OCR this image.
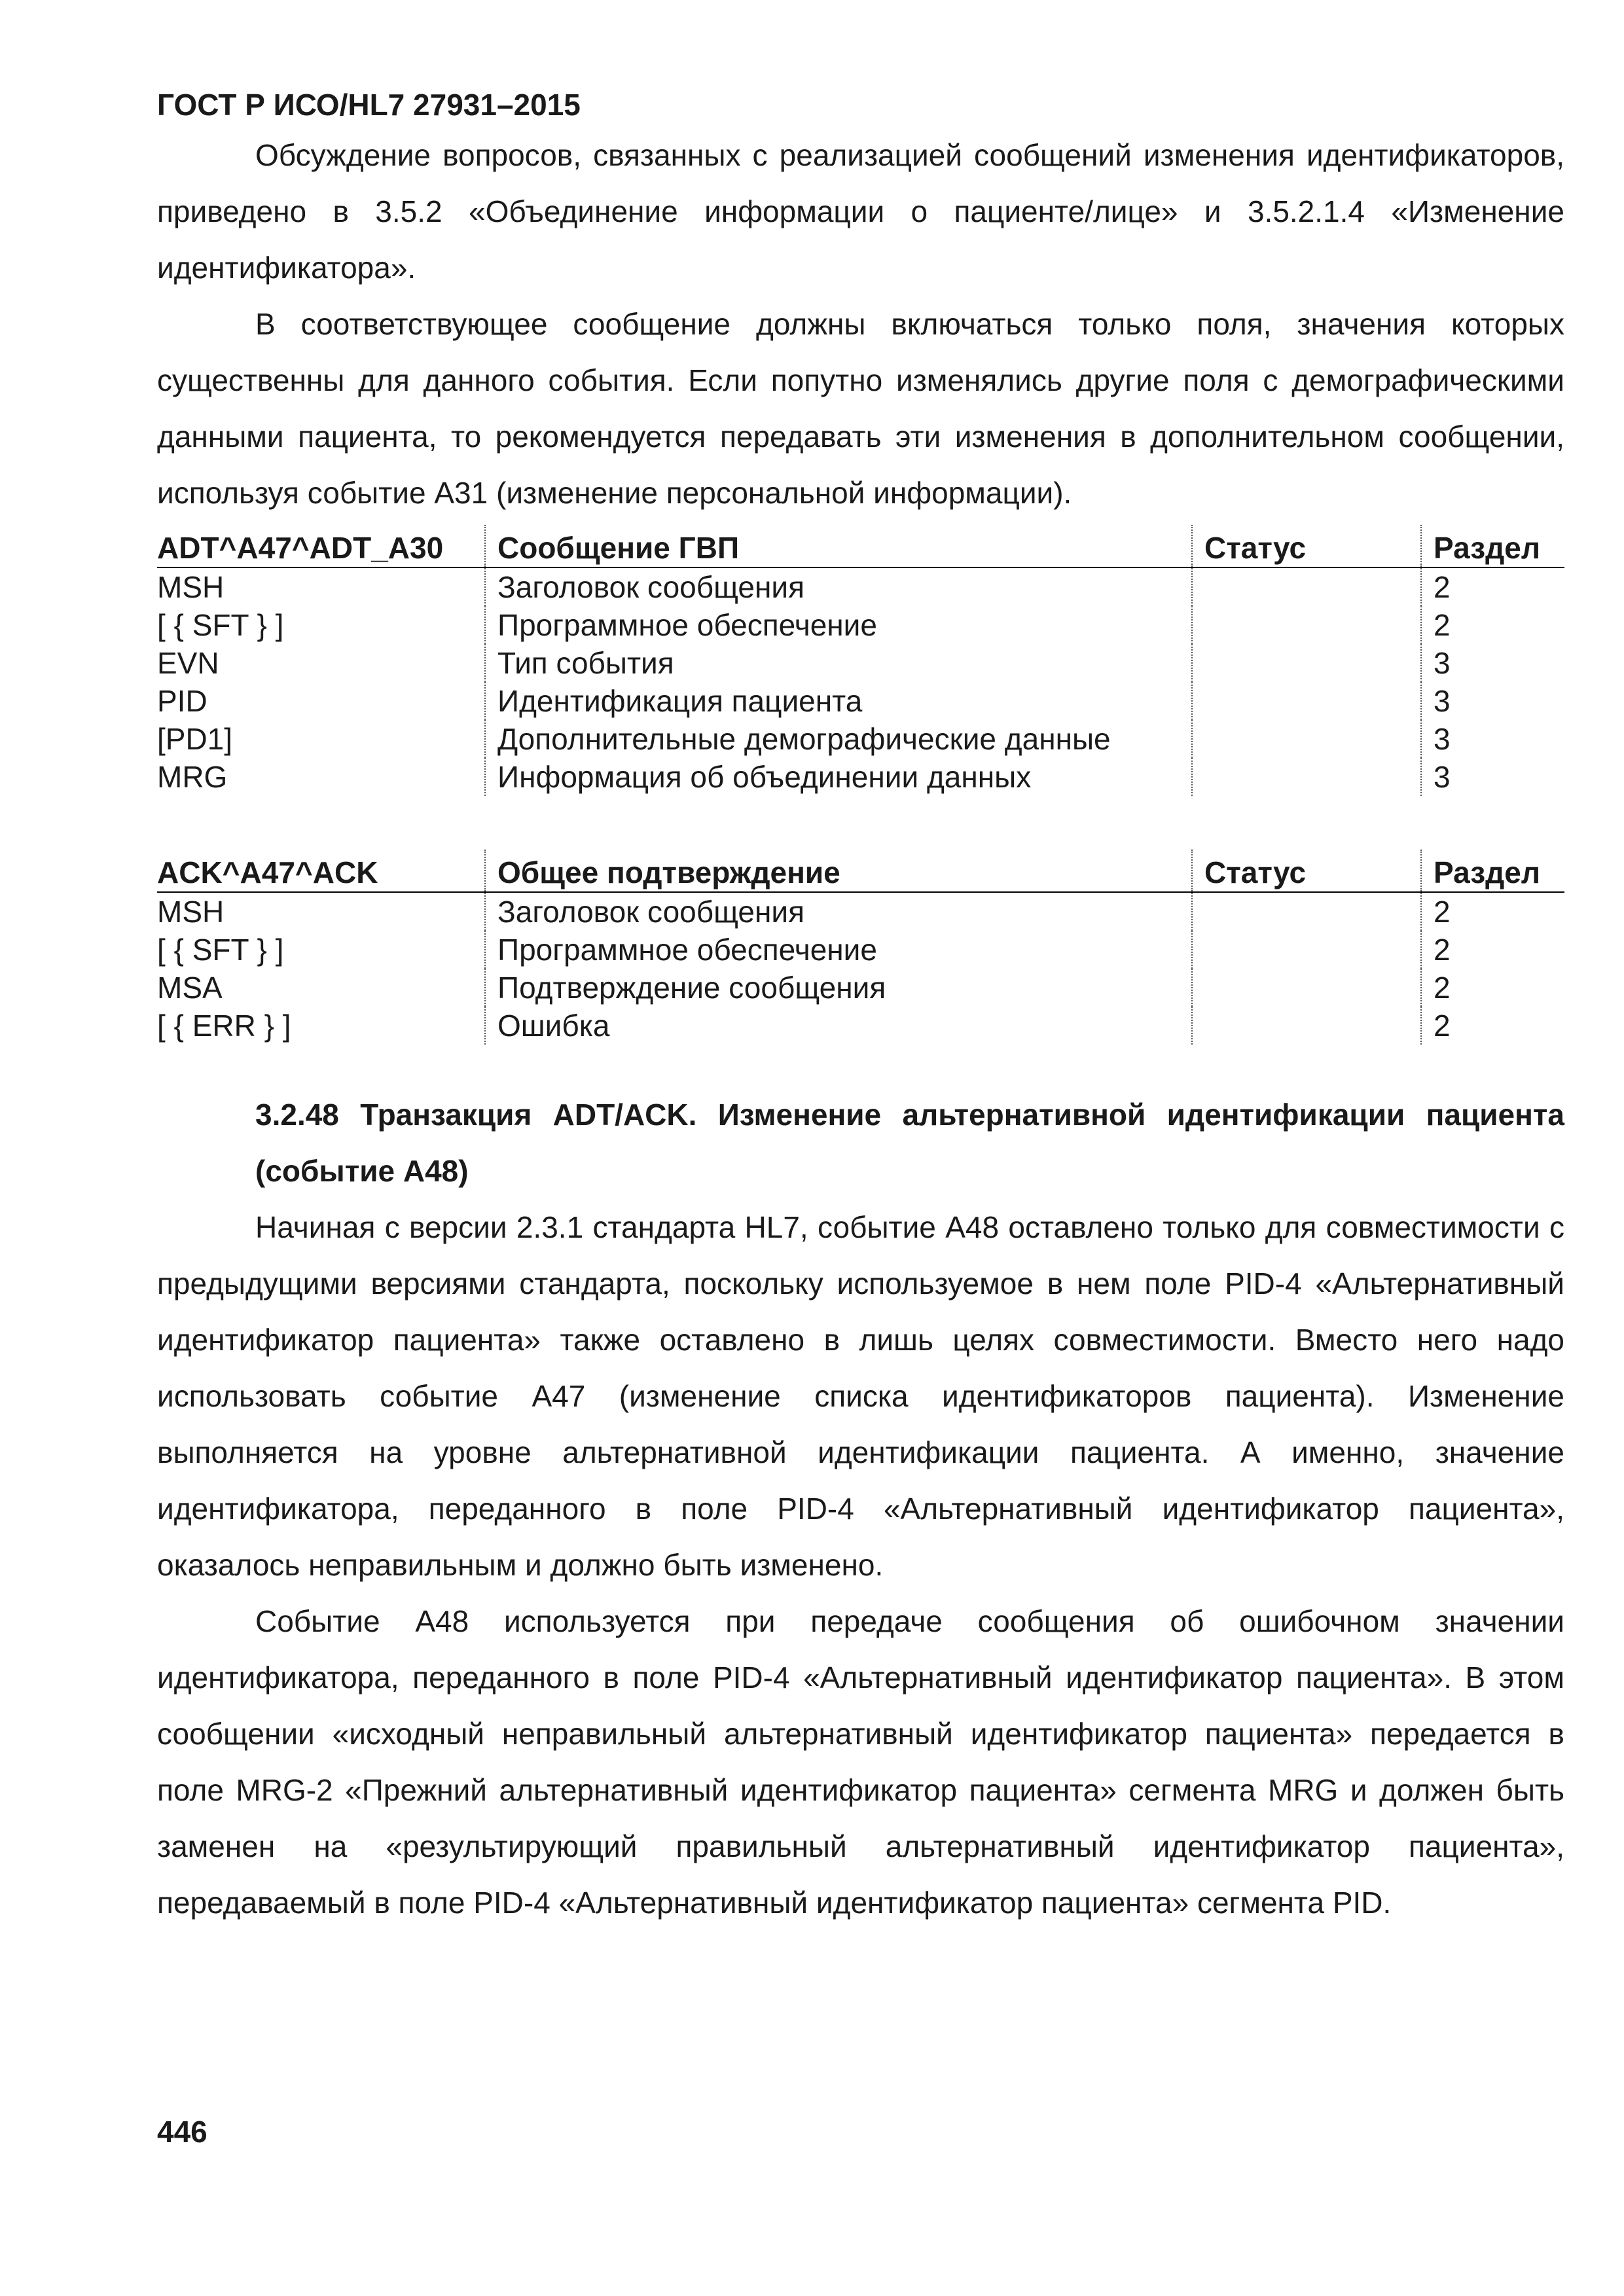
ГОСТ Р ИСО/HL7 27931–2015

Обсуждение вопросов, связанных с реализацией сообщений изменения идентификаторов, приведено в 3.5.2 «Объединение информации о пациенте/лице» и 3.5.2.1.4 «Изменение идентификатора».

В соответствующее сообщение должны включаться только поля, значения которых существенны для данного события. Если попутно изменялись другие поля с демографическими данными пациента, то рекомендуется передавать эти изменения в дополнительном сообщении, используя событие A31 (изменение персональной информации).

ADT^A47^ADT_A30	Сообщение ГВП	Статус	Раздел
MSH	Заголовок сообщения		2
[ { SFT } ]	Программное обеспечение		2
EVN	Тип события		3
PID	Идентификация пациента		3
[PD1]	Дополнительные демографические данные		3
MRG	Информация об объединении данных		3
ACK^A47^ACK	Общее подтверждение	Статус	Раздел
MSH	Заголовок сообщения		2
[ { SFT } ]	Программное обеспечение		2
MSA	Подтверждение сообщения		2
[ { ERR } ]	Ошибка		2

3.2.48 Транзакция ADT/ACK. Изменение альтернативной идентификации пациента (событие A48)

Начиная с версии 2.3.1 стандарта HL7, событие A48 оставлено только для совместимости с предыдущими версиями стандарта, поскольку используемое в нем поле PID-4 «Альтернативный идентификатор пациента» также оставлено в лишь целях совместимости. Вместо него надо использовать событие A47 (изменение списка идентификаторов пациента). Изменение выполняется на уровне альтернативной идентификации пациента. А именно, значение идентификатора, переданного в поле PID-4 «Альтернативный идентификатор пациента», оказалось неправильным и должно быть изменено.

Событие A48 используется при передаче сообщения об ошибочном значении идентификатора, переданного в поле PID-4 «Альтернативный идентификатор пациента». В этом сообщении «исходный неправильный альтернативный идентификатор пациента» передается в поле MRG-2 «Прежний альтернативный идентификатор пациента» сегмента MRG и должен быть заменен на «результирующий правильный альтернативный идентификатор пациента», передаваемый в поле PID-4 «Альтернативный идентификатор пациента» сегмента PID.

446
